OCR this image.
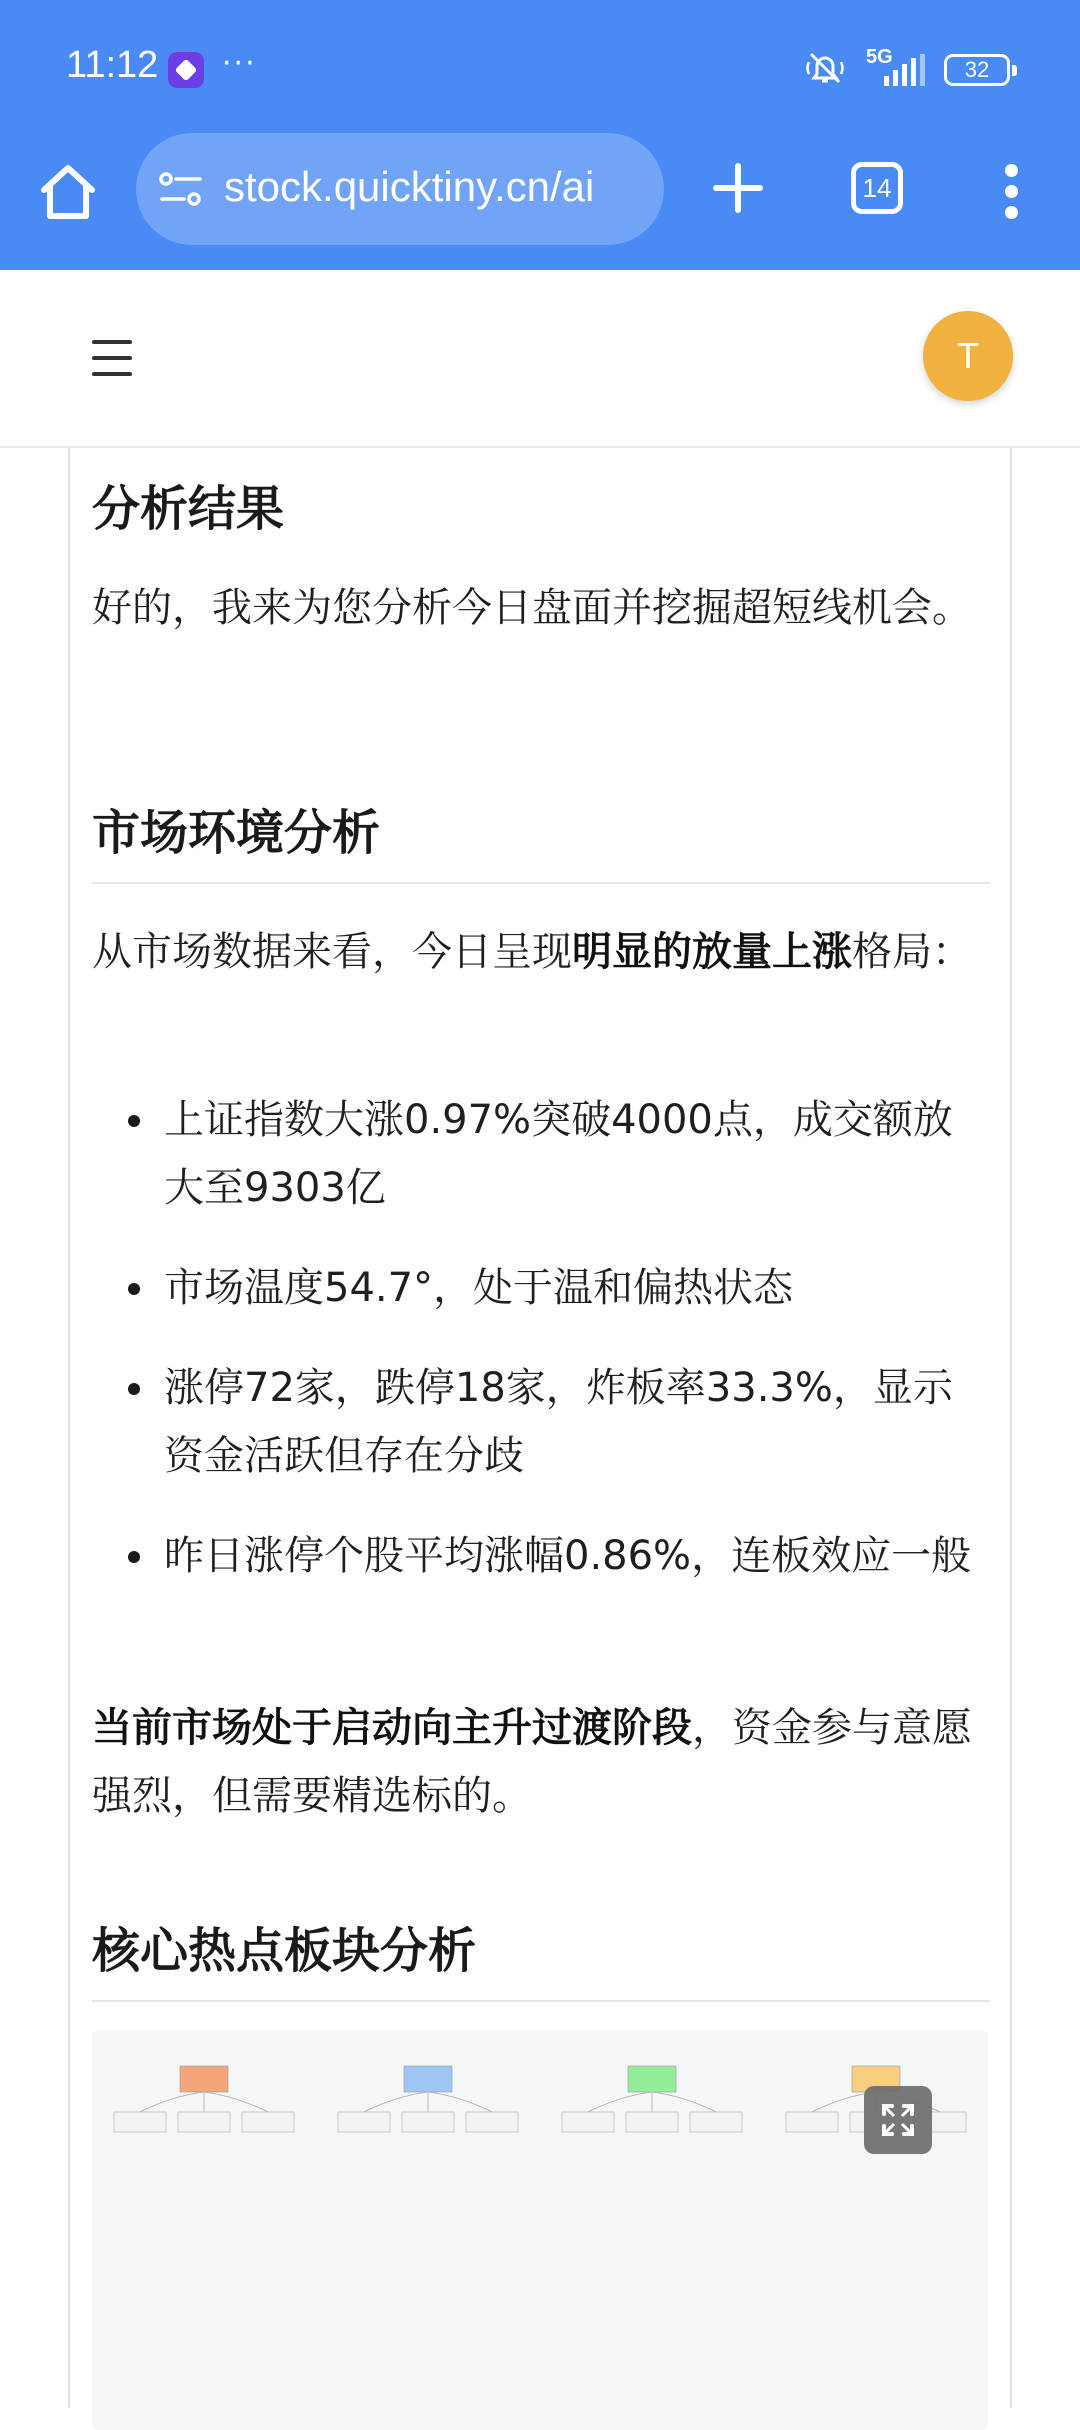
11:12 ···	5G	32
stock.quicktiny.cn/ai	14
T
分析结果

好的，我来为您分析今日盘面并挖掘超短线机会。

市场环境分析

从市场数据来看，今日呈现明显的放量上涨格局：

上证指数大涨0.97%突破4000点，成交额放大至9303亿
市场温度54.7°，处于温和偏热状态
涨停72家，跌停18家，炸板率33.3%，显示资金活跃但存在分歧
昨日涨停个股平均涨幅0.86%，连板效应一般

当前市场处于启动向主升过渡阶段，资金参与意愿强烈，但需要精选标的。

核心热点板块分析
